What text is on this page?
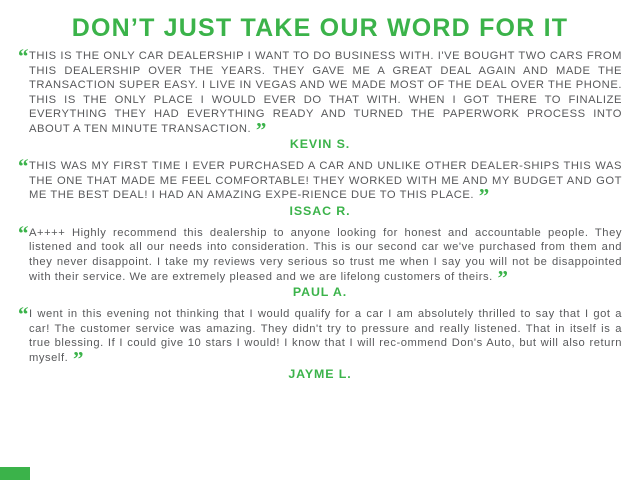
DON’T JUST TAKE OUR WORD FOR IT
“ THIS IS THE ONLY CAR DEALERSHIP I WANT TO DO BUSINESS WITH. I'VE BOUGHT TWO CARS FROM THIS DEALERSHIP OVER THE YEARS. THEY GAVE ME A GREAT DEAL AGAIN AND MADE THE TRANSACTION SUPER EASY. I LIVE IN VEGAS AND WE MADE MOST OF THE DEAL OVER THE PHONE. THIS IS THE ONLY PLACE I WOULD EVER DO THAT WITH. WHEN I GOT THERE TO FINALIZE EVERYTHING THEY HAD EVERYTHING READY AND TURNED THE PAPERWORK PROCESS INTO ABOUT A TEN MINUTE TRANSACTION. ”
KEVIN S.
“ THIS WAS MY FIRST TIME I EVER PURCHASED A CAR AND UNLIKE OTHER DEALER-SHIPS THIS WAS THE ONE THAT MADE ME FEEL COMFORTABLE! THEY WORKED WITH ME AND MY BUDGET AND GOT ME THE BEST DEAL! I HAD AN AMAZING EXPE-RIENCE DUE TO THIS PLACE. ”
ISSAC R.
“ A++++ Highly recommend this dealership to anyone looking for honest and accountable people. They listened and took all our needs into consideration. This is our second car we've purchased from them and they never disappoint. I take my reviews very serious so trust me when I say you will not be disappointed with their service. We are extremely pleased and we are lifelong customers of theirs. ”
PAUL A.
“ I went in this evening not thinking that I would qualify for a car I am absolutely thrilled to say that I got a car! The customer service was amazing. They didn't try to pressure and really listened. That in itself is a true blessing. If I could give 10 stars I would! I know that I will rec-ommend Don's Auto, but will also return myself. ”
JAYME L.
